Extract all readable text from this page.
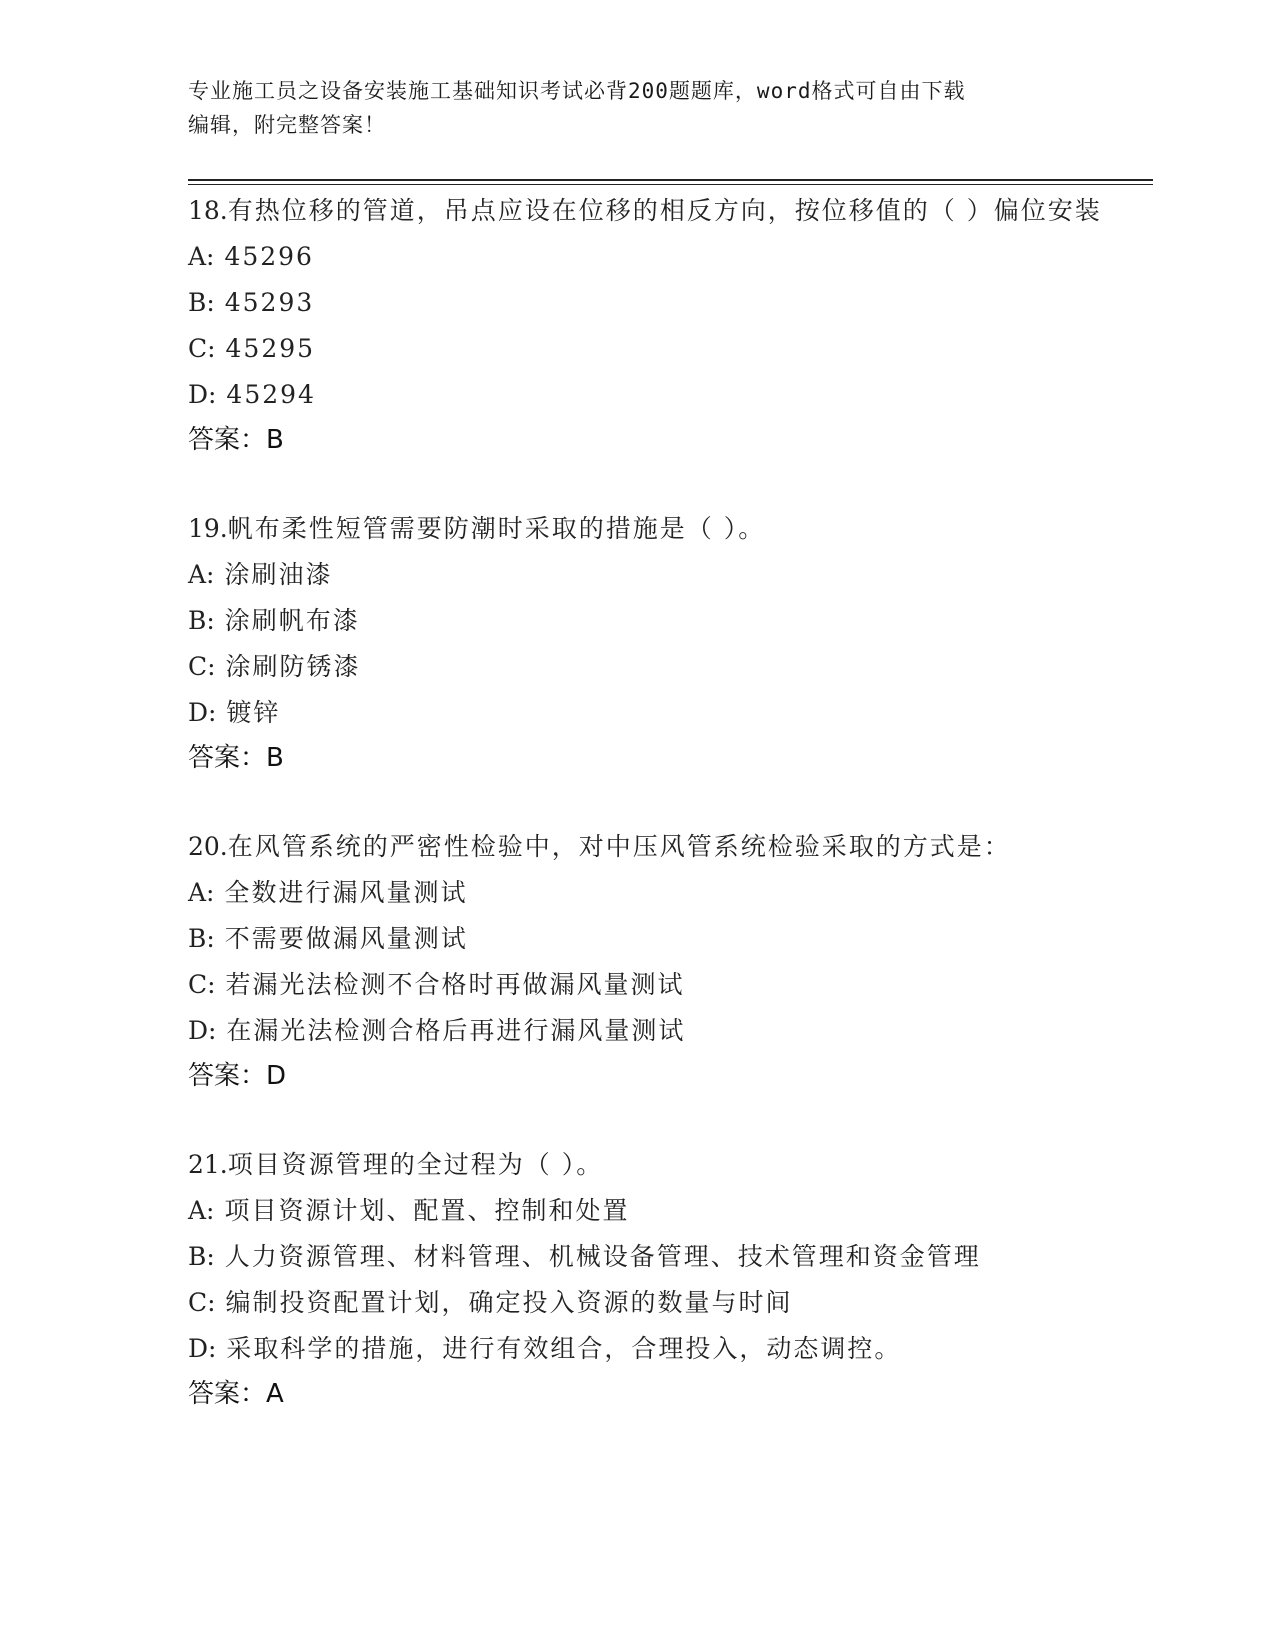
专业施工员之设备安装施工基础知识考试必背200题题库，word格式可自由下载
编辑，附完整答案！
18.有热位移的管道，吊点应设在位移的相反方向，按位移值的（ ）偏位安装
A: 45296
B: 45293
C: 45295
D: 45294
答案：B
19.帆布柔性短管需要防潮时采取的措施是（ ）。
A: 涂刷油漆
B: 涂刷帆布漆
C: 涂刷防锈漆
D: 镀锌
答案：B
20.在风管系统的严密性检验中，对中压风管系统检验采取的方式是：
A: 全数进行漏风量测试
B: 不需要做漏风量测试
C: 若漏光法检测不合格时再做漏风量测试
D: 在漏光法检测合格后再进行漏风量测试
答案：D
21.项目资源管理的全过程为（ ）。
A: 项目资源计划、配置、控制和处置
B: 人力资源管理、材料管理、机械设备管理、技术管理和资金管理
C: 编制投资配置计划，确定投入资源的数量与时间
D: 采取科学的措施，进行有效组合，合理投入，动态调控。
答案：A
